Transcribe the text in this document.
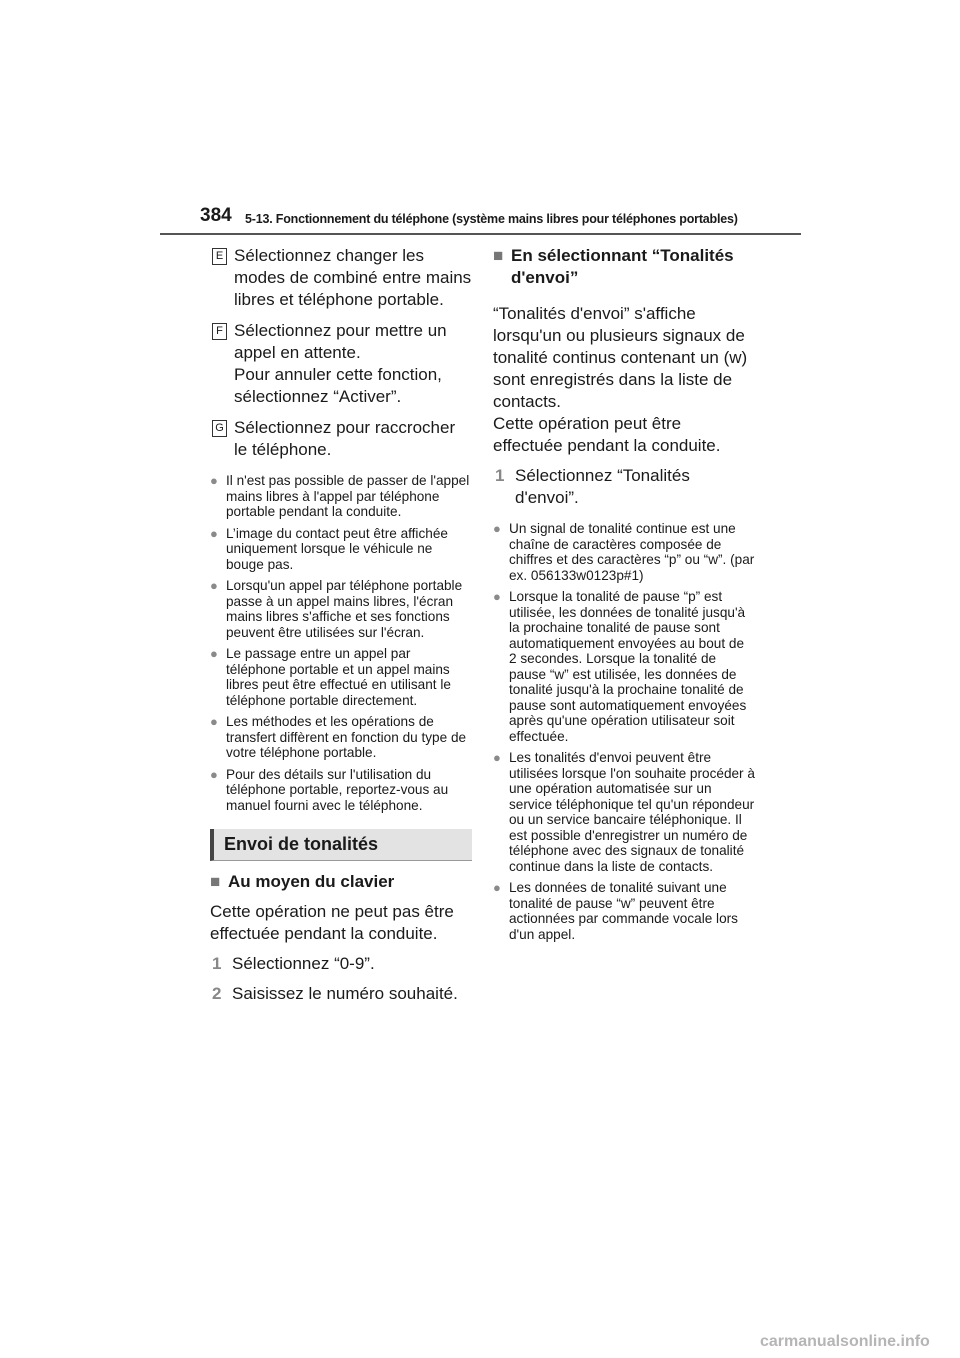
384 5-13. Fonctionnement du téléphone (système mains libres pour téléphones portables)
E Sélectionnez changer les modes de combiné entre mains libres et téléphone portable.
F Sélectionnez pour mettre un appel en attente.
Pour annuler cette fonction, sélectionnez “Activer”.
G Sélectionnez pour raccrocher le téléphone.
● Il n'est pas possible de passer de l'appel mains libres à l'appel par téléphone portable pendant la conduite.
● L’image du contact peut être affichée uniquement lorsque le véhicule ne bouge pas.
● Lorsqu'un appel par téléphone portable passe à un appel mains libres, l'écran mains libres s'affiche et ses fonctions peuvent être utilisées sur l'écran.
● Le passage entre un appel par téléphone portable et un appel mains libres peut être effectué en utilisant le téléphone portable directement.
● Les méthodes et les opérations de transfert diffèrent en fonction du type de votre téléphone portable.
● Pour des détails sur l'utilisation du téléphone portable, reportez-vous au manuel fourni avec le téléphone.
Envoi de tonalités
■ Au moyen du clavier
Cette opération ne peut pas être effectuée pendant la conduite.
1 Sélectionnez “0-9”.
2 Saisissez le numéro souhaité.
■ En sélectionnant “Tonalités d'envoi”
“Tonalités d'envoi” s'affiche lorsqu'un ou plusieurs signaux de tonalité continus contenant un (w) sont enregistrés dans la liste de contacts.
Cette opération peut être effectuée pendant la conduite.
1 Sélectionnez “Tonalités d'envoi”.
● Un signal de tonalité continue est une chaîne de caractères composée de chiffres et des caractères “p” ou “w”. (par ex. 056133w0123p#1)
● Lorsque la tonalité de pause “p” est utilisée, les données de tonalité jusqu'à la prochaine tonalité de pause sont automatiquement envoyées au bout de 2 secondes. Lorsque la tonalité de pause “w” est utilisée, les données de tonalité jusqu'à la prochaine tonalité de pause sont automatiquement envoyées après qu'une opération utilisateur soit effectuée.
● Les tonalités d'envoi peuvent être utilisées lorsque l'on souhaite procéder à une opération automatisée sur un service téléphonique tel qu'un répondeur ou un service bancaire téléphonique. Il est possible d'enregistrer un numéro de téléphone avec des signaux de tonalité continue dans la liste de contacts.
● Les données de tonalité suivant une tonalité de pause “w” peuvent être actionnées par commande vocale lors d'un appel.
carmanualsonline.info
